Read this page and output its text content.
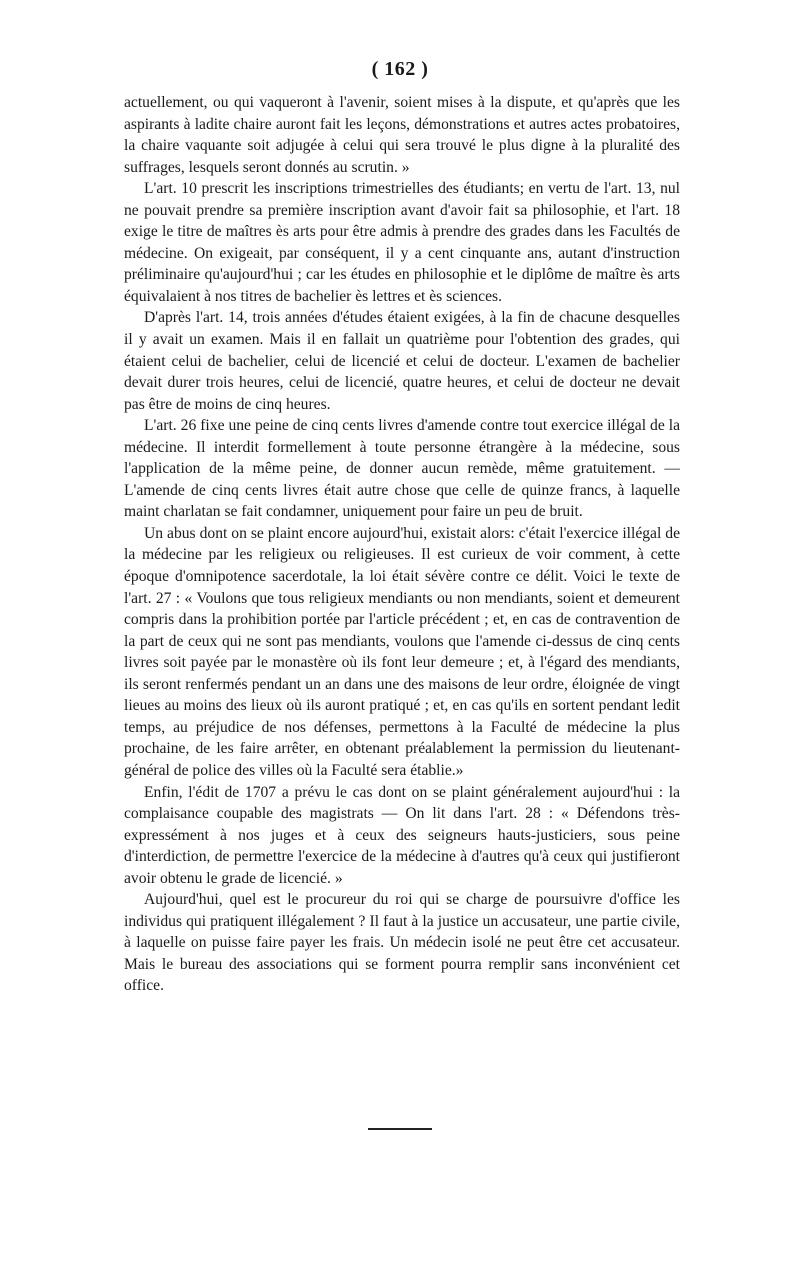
( 162 )

actuellement, ou qui vaqueront à l'avenir, soient mises à la dispute, et qu'après que les aspirants à ladite chaire auront fait les leçons, démonstrations et autres actes probatoires, la chaire vaquante soit adjugée à celui qui sera trouvé le plus digne à la pluralité des suffrages, lesquels seront donnés au scrutin. »

L'art. 10 prescrit les inscriptions trimestrielles des étudiants; en vertu de l'art. 13, nul ne pouvait prendre sa première inscription avant d'avoir fait sa philosophie, et l'art. 18 exige le titre de maîtres ès arts pour être admis à prendre des grades dans les Facultés de médecine. On exigeait, par conséquent, il y a cent cinquante ans, autant d'instruction préliminaire qu'aujourd'hui ; car les études en philosophie et le diplôme de maître ès arts équivalaient à nos titres de bachelier ès lettres et ès sciences.

D'après l'art. 14, trois années d'études étaient exigées, à la fin de chacune desquelles il y avait un examen. Mais il en fallait un quatrième pour l'obtention des grades, qui étaient celui de bachelier, celui de licencié et celui de docteur. L'examen de bachelier devait durer trois heures, celui de licencié, quatre heures, et celui de docteur ne devait pas être de moins de cinq heures.

L'art. 26 fixe une peine de cinq cents livres d'amende contre tout exercice illégal de la médecine. Il interdit formellement à toute personne étrangère à la médecine, sous l'application de la même peine, de donner aucun remède, même gratuitement. — L'amende de cinq cents livres était autre chose que celle de quinze francs, à laquelle maint charlatan se fait condamner, uniquement pour faire un peu de bruit.

Un abus dont on se plaint encore aujourd'hui, existait alors: c'était l'exercice illégal de la médecine par les religieux ou religieuses. Il est curieux de voir comment, à cette époque d'omnipotence sacerdotale, la loi était sévère contre ce délit. Voici le texte de l'art. 27 : « Voulons que tous religieux mendiants ou non mendiants, soient et demeurent compris dans la prohibition portée par l'article précédent ; et, en cas de contravention de la part de ceux qui ne sont pas mendiants, voulons que l'amende ci-dessus de cinq cents livres soit payée par le monastère où ils font leur demeure ; et, à l'égard des mendiants, ils seront renfermés pendant un an dans une des maisons de leur ordre, éloignée de vingt lieues au moins des lieux où ils auront pratiqué ; et, en cas qu'ils en sortent pendant ledit temps, au préjudice de nos défenses, permettons à la Faculté de médecine la plus prochaine, de les faire arrêter, en obtenant préalablement la permission du lieutenant-général de police des villes où la Faculté sera établie.»

Enfin, l'édit de 1707 a prévu le cas dont on se plaint généralement aujourd'hui : la complaisance coupable des magistrats — On lit dans l'art. 28 : « Défendons très-expressément à nos juges et à ceux des seigneurs hauts-justiciers, sous peine d'interdiction, de permettre l'exercice de la médecine à d'autres qu'à ceux qui justifieront avoir obtenu le grade de licencié. »

Aujourd'hui, quel est le procureur du roi qui se charge de poursuivre d'office les individus qui pratiquent illégalement ? Il faut à la justice un accusateur, une partie civile, à laquelle on puisse faire payer les frais. Un médecin isolé ne peut être cet accusateur. Mais le bureau des associations qui se forment pourra remplir sans inconvénient cet office.
